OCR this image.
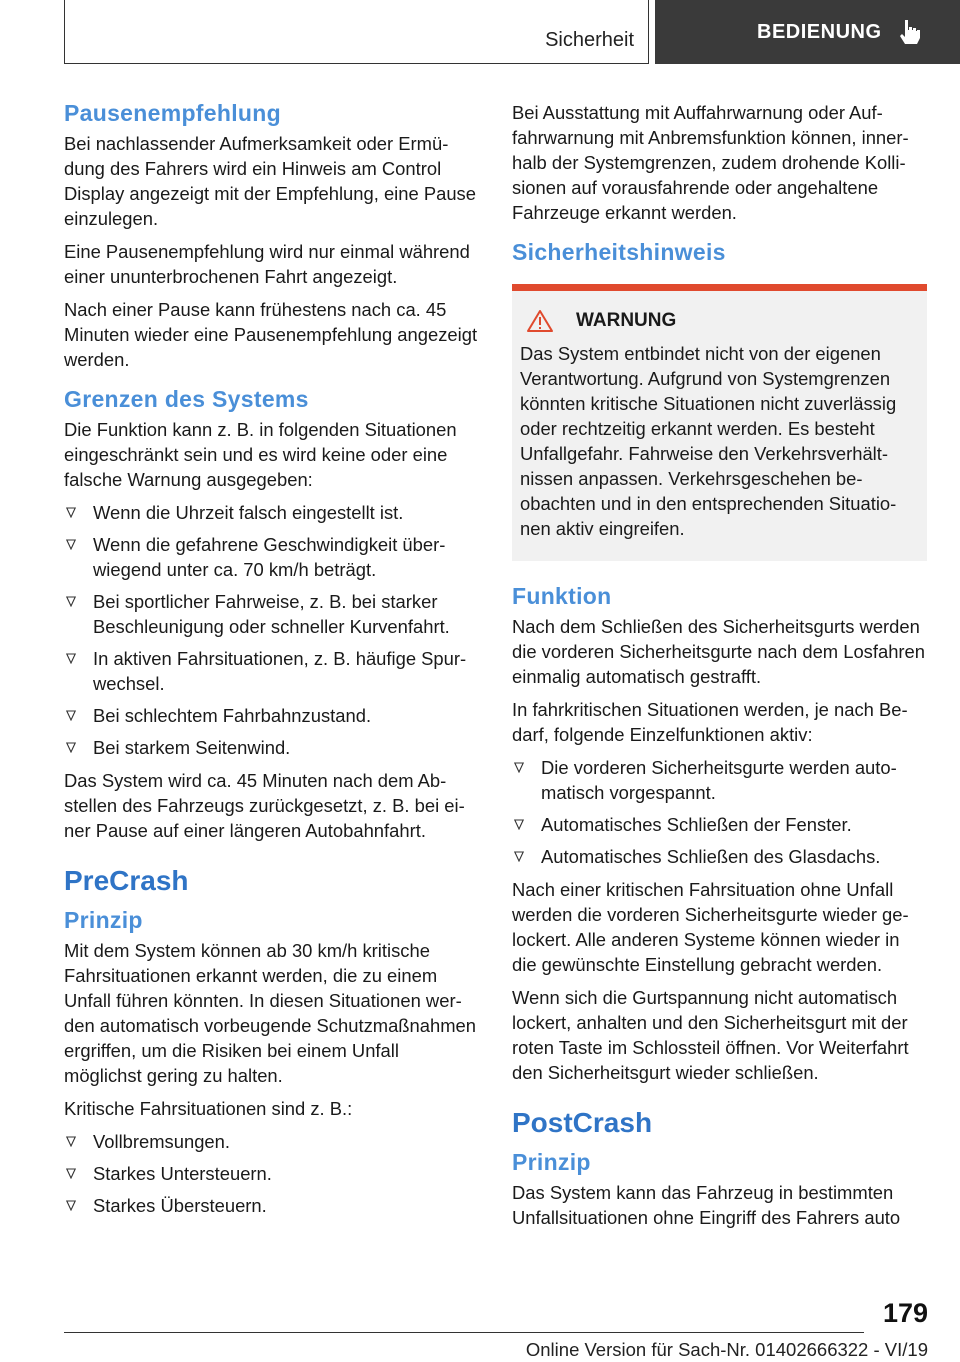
Sicherheit	BEDIENUNG
Pausenempfehlung

Bei nachlassender Aufmerksamkeit oder Ermüdung des Fahrers wird ein Hinweis am Control Display angezeigt mit der Empfehlung, eine Pause einzulegen.

Eine Pausenempfehlung wird nur einmal während einer ununterbrochenen Fahrt angezeigt.

Nach einer Pause kann frühestens nach ca. 45 Minuten wieder eine Pausenempfehlung angezeigt werden.

Grenzen des Systems

Die Funktion kann z. B. in folgenden Situationen eingeschränkt sein und es wird keine oder eine falsche Warnung ausgegeben:

Wenn die Uhrzeit falsch eingestellt ist.
Wenn die gefahrene Geschwindigkeit überwiegend unter ca. 70 km/h beträgt.
Bei sportlicher Fahrweise, z. B. bei starker Beschleunigung oder schneller Kurvenfahrt.
In aktiven Fahrsituationen, z. B. häufige Spurwechsel.
Bei schlechtem Fahrbahnzustand.
Bei starkem Seitenwind.

Das System wird ca. 45 Minuten nach dem Abstellen des Fahrzeugs zurückgesetzt, z. B. bei einer Pause auf einer längeren Autobahnfahrt.

PreCrash
Prinzip

Mit dem System können ab 30 km/h kritische Fahrsituationen erkannt werden, die zu einem Unfall führen könnten. In diesen Situationen werden automatisch vorbeugende Schutzmaßnahmen ergriffen, um die Risiken bei einem Unfall möglichst gering zu halten.

Kritische Fahrsituationen sind z. B.:

Vollbremsungen.
Starkes Untersteuern.
Starkes Übersteuern.

Bei Ausstattung mit Auffahrwarnung oder Auffahrwarnung mit Anbremsfunktion können, innerhalb der Systemgrenzen, zudem drohende Kollisionen auf vorausfahrende oder angehaltene Fahrzeuge erkannt werden.

Sicherheitshinweis
WARNUNG

Das System entbindet nicht von der eigenen Verantwortung. Aufgrund von Systemgrenzen könnten kritische Situationen nicht zuverlässig oder rechtzeitig erkannt werden. Es besteht Unfallgefahr. Fahrweise den Verkehrsverhältnissen anpassen. Verkehrsgeschehen beobachten und in den entsprechenden Situationen aktiv eingreifen.

Funktion

Nach dem Schließen des Sicherheitsgurts werden die vorderen Sicherheitsgurte nach dem Losfahren einmalig automatisch gestrafft.

In fahrkritischen Situationen werden, je nach Bedarf, folgende Einzelfunktionen aktiv:

Die vorderen Sicherheitsgurte werden automatisch vorgespannt.
Automatisches Schließen der Fenster.
Automatisches Schließen des Glasdachs.

Nach einer kritischen Fahrsituation ohne Unfall werden die vorderen Sicherheitsgurte wieder gelockert. Alle anderen Systeme können wieder in die gewünschte Einstellung gebracht werden.

Wenn sich die Gurtspannung nicht automatisch lockert, anhalten und den Sicherheitsgurt mit der roten Taste im Schlossteil öffnen. Vor Weiterfahrt den Sicherheitsgurt wieder schließen.

PostCrash
Prinzip

Das System kann das Fahrzeug in bestimmten Unfallsituationen ohne Eingriff des Fahrers auto

179
Online Version für Sach-Nr. 01402666322 - VI/19
